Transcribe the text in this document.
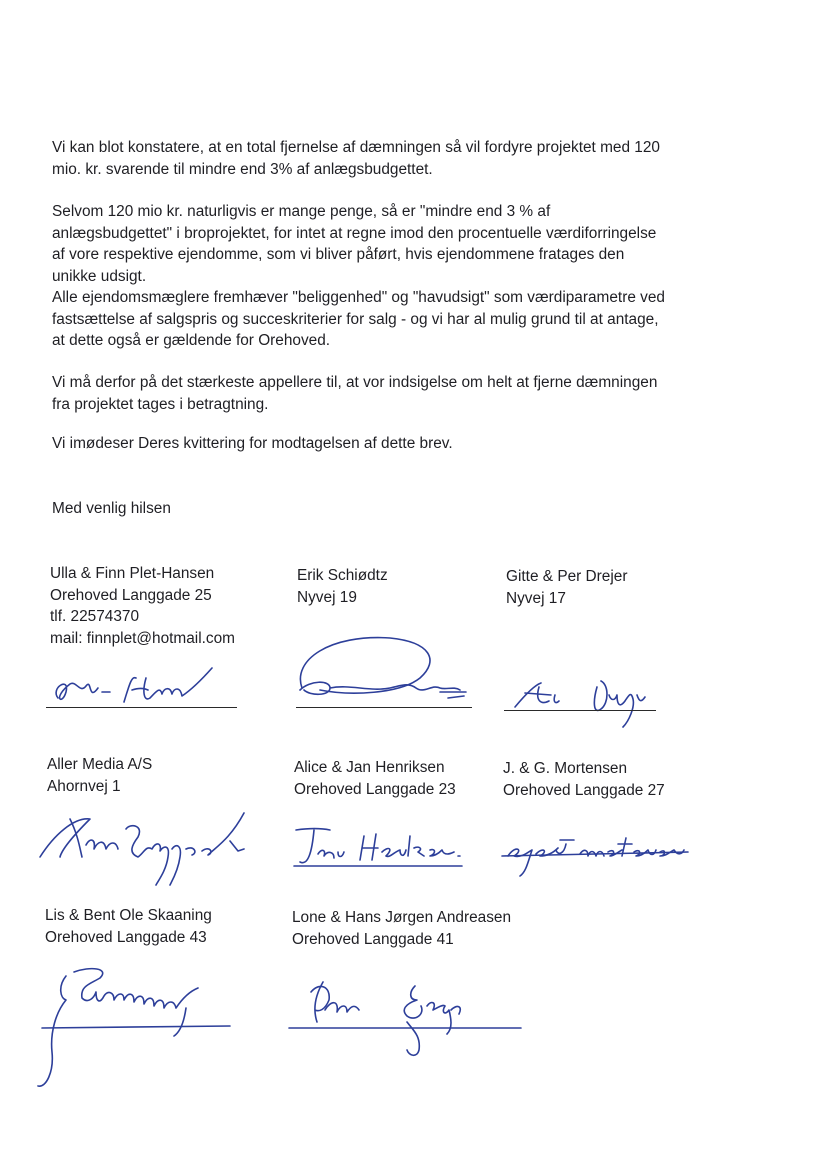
Vi kan blot konstatere, at en total fjernelse af dæmningen så vil fordyre projektet med 120
mio. kr. svarende til mindre end 3% af anlægsbudgettet.

Selvom 120 mio kr. naturligvis er mange penge, så er "mindre end 3 % af
anlægsbudgettet" i broprojektet, for intet at regne imod den procentuelle værdiforringelse
af vore respektive ejendomme, som vi bliver påført, hvis ejendommene fratages den
unikke udsigt.
Alle ejendomsmæglere fremhæver "beliggenhed" og "havudsigt" som værdiparametre ved
fastsættelse af salgspris og succeskriterier for salg - og vi har al mulig grund til at antage,
at dette også er gældende for Orehoved.

Vi må derfor på det stærkeste appellere til, at vor indsigelse om helt at fjerne dæmningen
fra projektet tages i betragtning.

Vi imødeser Deres kvittering for modtagelsen af dette brev.

Med venlig hilsen

Ulla & Finn Plet-Hansen
Orehoved Langgade 25
tlf. 22574370
mail: finnplet@hotmail.com
Erik Schiødtz
Nyvej 19
Gitte & Per Drejer
Nyvej 17
Aller Media A/S
Ahornvej 1
Alice & Jan Henriksen
Orehoved Langgade 23
J. & G. Mortensen
Orehoved Langgade 27
Lis & Bent Ole Skaaning
Orehoved Langgade 43
Lone & Hans Jørgen Andreasen
Orehoved Langgade 41
